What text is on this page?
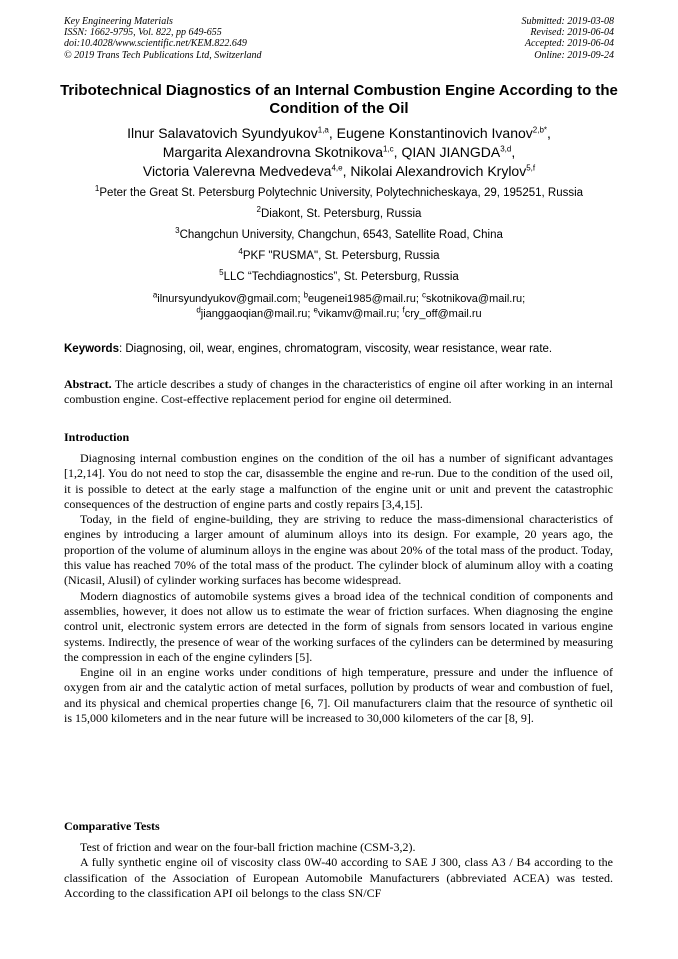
Key Engineering Materials
ISSN: 1662-9795, Vol. 822, pp 649-655
doi:10.4028/www.scientific.net/KEM.822.649
© 2019 Trans Tech Publications Ltd, Switzerland
Submitted: 2019-03-08
Revised: 2019-06-04
Accepted: 2019-06-04
Online: 2019-09-24
Tribotechnical Diagnostics of an Internal Combustion Engine According to the Condition of the Oil
Ilnur Salavatovich Syundyukov$^{1,a}$, Eugene Konstantinovich Ivanov$^{2,b*}$,
Margarita Alexandrovna Skotnikova$^{1,c}$, QIAN JIANGDA$^{3,d}$,
Victoria Valerevna Medvedeva$^{4,e}$, Nikolai Alexandrovich Krylov$^{5,f}$
$^1$Peter the Great St. Petersburg Polytechnic University, Polytechnicheskaya, 29, 195251, Russia
$^2$Diakont, St. Petersburg, Russia
$^3$Changchun University, Changchun, 6543, Satellite Road, China
$^4$PKF "RUSMA", St. Petersburg, Russia
$^5$LLC “Techdiagnostics”, St. Petersburg, Russia
$^a$ilnursyundyukov@gmail.com; $^b$eugenei1985@mail.ru; $^c$skotnikova@mail.ru;
$^d$jianggaoqian@mail.ru; $^e$vikamv@mail.ru; $^f$cry_off@mail.ru
Keywords: Diagnosing, oil, wear, engines, chromatogram, viscosity, wear resistance, wear rate.
Abstract. The article describes a study of changes in the characteristics of engine oil after working in an internal combustion engine. Cost-effective replacement period for engine oil determined.
Introduction

Diagnosing internal combustion engines on the condition of the oil has a number of significant advantages [1,2,14]. You do not need to stop the car, disassemble the engine and re-run. Due to the condition of the used oil, it is possible to detect at the early stage a malfunction of the engine unit or unit and prevent the catastrophic consequences of the destruction of engine parts and costly repairs [3,4,15].

Today, in the field of engine-building, they are striving to reduce the mass-dimensional characteristics of engines by introducing a larger amount of aluminum alloys into its design. For example, 20 years ago, the proportion of the volume of aluminum alloys in the engine was about 20% of the total mass of the product. Today, this value has reached 70% of the total mass of the product. The cylinder block of aluminum alloy with a coating (Nicasil, Alusil) of cylinder working surfaces has become widespread.

Modern diagnostics of automobile systems gives a broad idea of the technical condition of components and assemblies, however, it does not allow us to estimate the wear of friction surfaces. When diagnosing the engine control unit, electronic system errors are detected in the form of signals from sensors located in various engine systems. Indirectly, the presence of wear of the working surfaces of the cylinders can be determined by measuring the compression in each of the engine cylinders [5].

Engine oil in an engine works under conditions of high temperature, pressure and under the influence of oxygen from air and the catalytic action of metal surfaces, pollution by products of wear and combustion of fuel, and its physical and chemical properties change [6, 7]. Oil manufacturers claim that the resource of synthetic oil is 15,000 kilometers and in the near future will be increased to 30,000 kilometers of the car [8, 9].

Comparative Tests

Test of friction and wear on the four-ball friction machine (CSM-3,2).

A fully synthetic engine oil of viscosity class 0W-40 according to SAE J 300, class A3 / B4 according to the classification of the Association of European Automobile Manufacturers (abbreviated ACEA) was tested. According to the classification API oil belongs to the class SN/CF
